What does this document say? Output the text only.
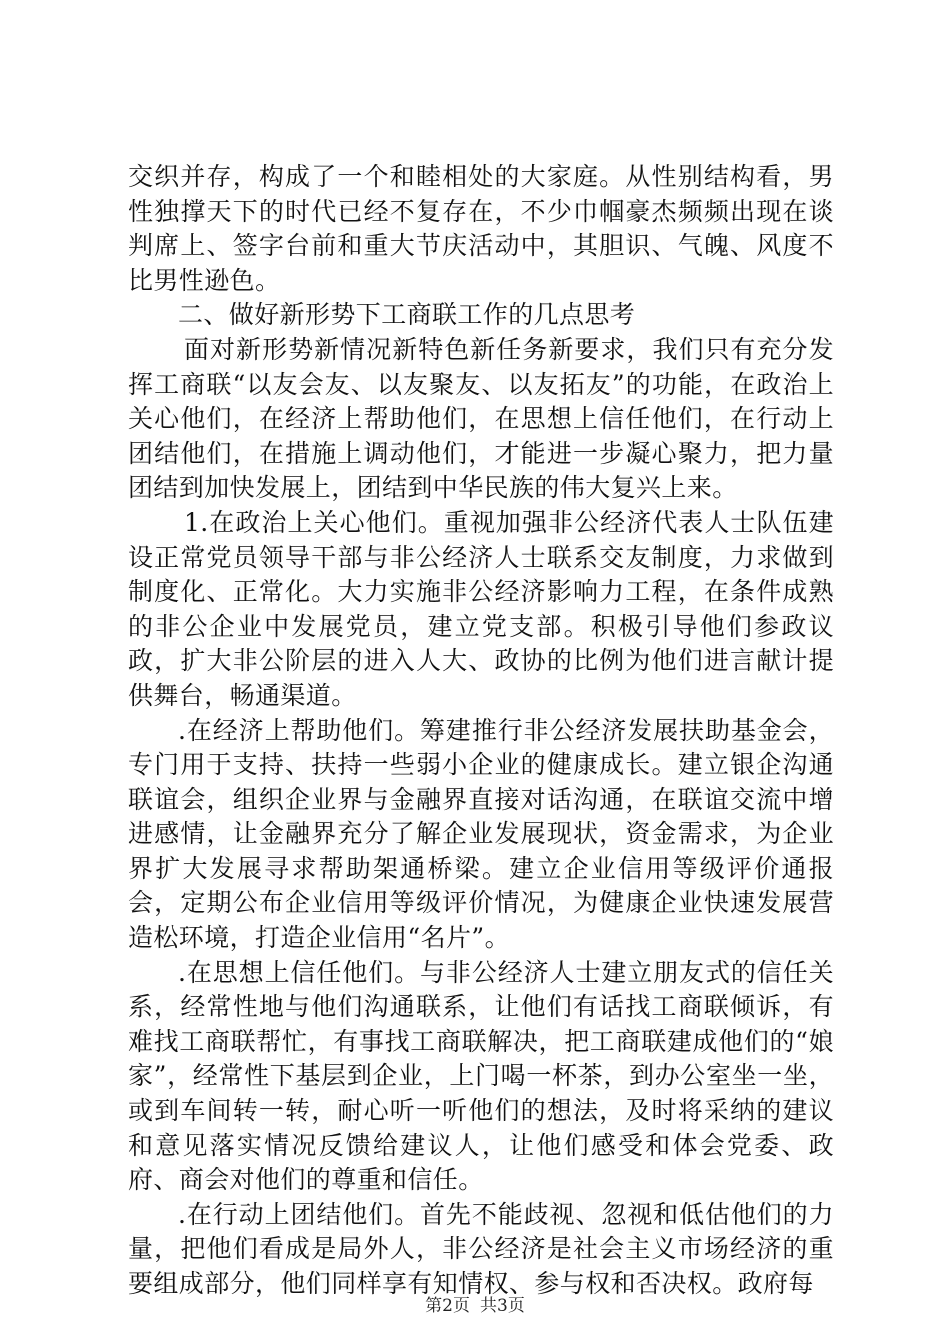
交织并存，构成了一个和睦相处的大家庭。从性别结构看，男性独撑天下的时代已经不复存在，不少巾帼豪杰频频出现在谈判席上、签字台前和重大节庆活动中，其胆识、气魄、风度不比男性逊色。

二、做好新形势下工商联工作的几点思考

面对新形势新情况新特色新任务新要求，我们只有充分发挥工商联“以友会友、以友聚友、以友拓友”的功能，在政治上关心他们，在经济上帮助他们，在思想上信任他们，在行动上团结他们，在措施上调动他们，才能进一步凝心聚力，把力量团结到加快发展上，团结到中华民族的伟大复兴上来。

1.在政治上关心他们。重视加强非公经济代表人士队伍建设正常党员领导干部与非公经济人士联系交友制度，力求做到制度化、正常化。大力实施非公经济影响力工程，在条件成熟的非公企业中发展党员，建立党支部。积极引导他们参政议政，扩大非公阶层的进入人大、政协的比例为他们进言献计提供舞台，畅通渠道。

.在经济上帮助他们。筹建推行非公经济发展扶助基金会，专门用于支持、扶持一些弱小企业的健康成长。建立银企沟通联谊会，组织企业界与金融界直接对话沟通，在联谊交流中增进感情，让金融界充分了解企业发展现状，资金需求，为企业界扩大发展寻求帮助架通桥梁。建立企业信用等级评价通报会，定期公布企业信用等级评价情况，为健康企业快速发展营造松环境，打造企业信用“名片”。

.在思想上信任他们。与非公经济人士建立朋友式的信任关系，经常性地与他们沟通联系，让他们有话找工商联倾诉，有难找工商联帮忙，有事找工商联解决，把工商联建成他们的“娘家”，经常性下基层到企业，上门喝一杯茶，到办公室坐一坐，或到车间转一转，耐心听一听他们的想法，及时将采纳的建议和意见落实情况反馈给建议人，让他们感受和体会党委、政府、商会对他们的尊重和信任。

.在行动上团结他们。首先不能歧视、忽视和低估他们的力量，把他们看成是局外人，非公经济是社会主义市场经济的重要组成部分，他们同样享有知情权、参与权和否决权。政府每

第2页 共3页
